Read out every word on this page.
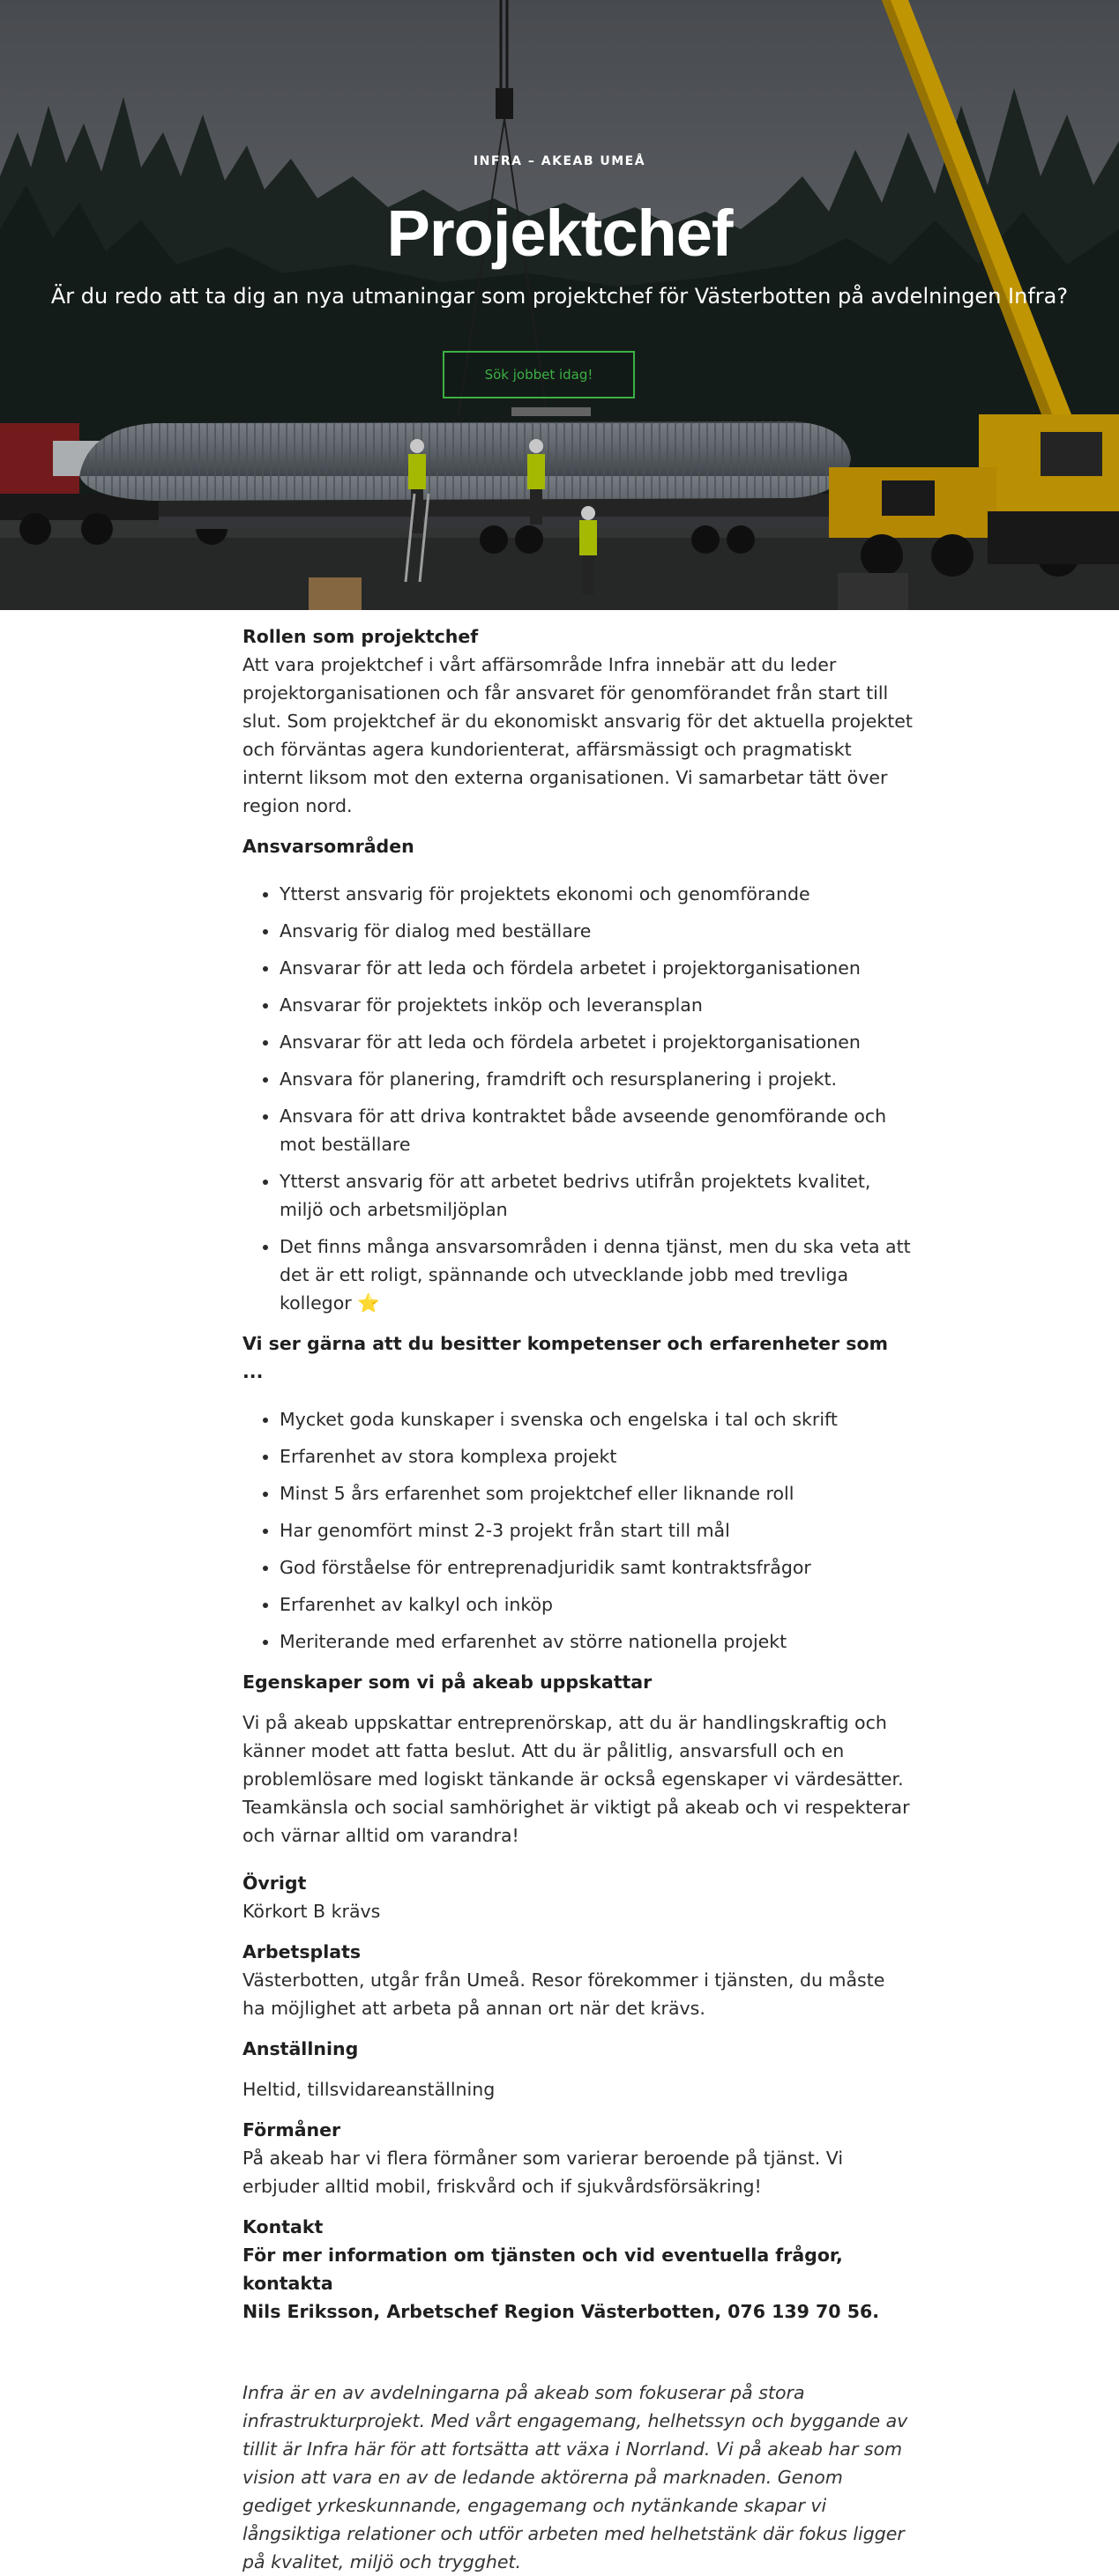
INFRA – AKEAB UMEÅ
Projektchef
Är du redo att ta dig an nya utmaningar som projektchef för Västerbotten på avdelningen Infra?
Sök jobbet idag!
Rollen som projektchef

Att vara projektchef i vårt affärsområde Infra innebär att du leder projektorganisationen och får ansvaret för genomförandet från start till slut. Som projektchef är du ekonomiskt ansvarig för det aktuella projektet och förväntas agera kundorienterat, affärsmässigt och pragmatiskt internt liksom mot den externa organisationen. Vi samarbetar tätt över region nord.

Ansvarsområden
• Ytterst ansvarig för projektets ekonomi och genomförande
• Ansvarig för dialog med beställare
• Ansvarar för att leda och fördela arbetet i projektorganisationen
• Ansvarar för projektets inköp och leveransplan
• Ansvarar för att leda och fördela arbetet i projektorganisationen
• Ansvara för planering, framdrift och resursplanering i projekt.
• Ansvara för att driva kontraktet både avseende genomförande och mot beställare
• Ytterst ansvarig för att arbetet bedrivs utifrån projektets kvalitet, miljö och arbetsmiljöplan
• Det finns många ansvarsområden i denna tjänst, men du ska veta att det är ett roligt, spännande och utvecklande jobb med trevliga kollegor ⭐
Vi ser gärna att du besitter kompetenser och erfarenheter som ...
• Mycket goda kunskaper i svenska och engelska i tal och skrift
• Erfarenhet av stora komplexa projekt
• Minst 5 års erfarenhet som projektchef eller liknande roll
• Har genomfört minst 2-3 projekt från start till mål
• God förståelse för entreprenadjuridik samt kontraktsfrågor
• Erfarenhet av kalkyl och inköp
• Meriterande med erfarenhet av större nationella projekt
Egenskaper som vi på akeab uppskattar

Vi på akeab uppskattar entreprenörskap, att du är handlingskraftig och känner modet att fatta beslut. Att du är pålitlig, ansvarsfull och en problemlösare med logiskt tänkande är också egenskaper vi värdesätter. Teamkänsla och social samhörighet är viktigt på akeab och vi respekterar och värnar alltid om varandra!

Övrigt

Körkort B krävs

Arbetsplats

Västerbotten, utgår från Umeå. Resor förekommer i tjänsten, du måste ha möjlighet att arbeta på annan ort när det krävs.

Anställning

Heltid, tillsvidareanställning

Förmåner

På akeab har vi flera förmåner som varierar beroende på tjänst. Vi erbjuder alltid mobil, friskvård och if sjukvårdsförsäkring!

Kontakt

För mer information om tjänsten och vid eventuella frågor, kontakta

Nils Eriksson, Arbetschef Region Västerbotten, 076 139 70 56.

Infra är en av avdelningarna på akeab som fokuserar på stora infrastrukturprojekt. Med vårt engagemang, helhetssyn och byggande av tillit är Infra här för att fortsätta att växa i Norrland. Vi på akeab har som vision att vara en av de ledande aktörerna på marknaden. Genom gediget yrkeskunnande, engagemang och nytänkande skapar vi långsiktiga relationer och utför arbeten med helhetstänk där fokus ligger på kvalitet, miljö och trygghet.
